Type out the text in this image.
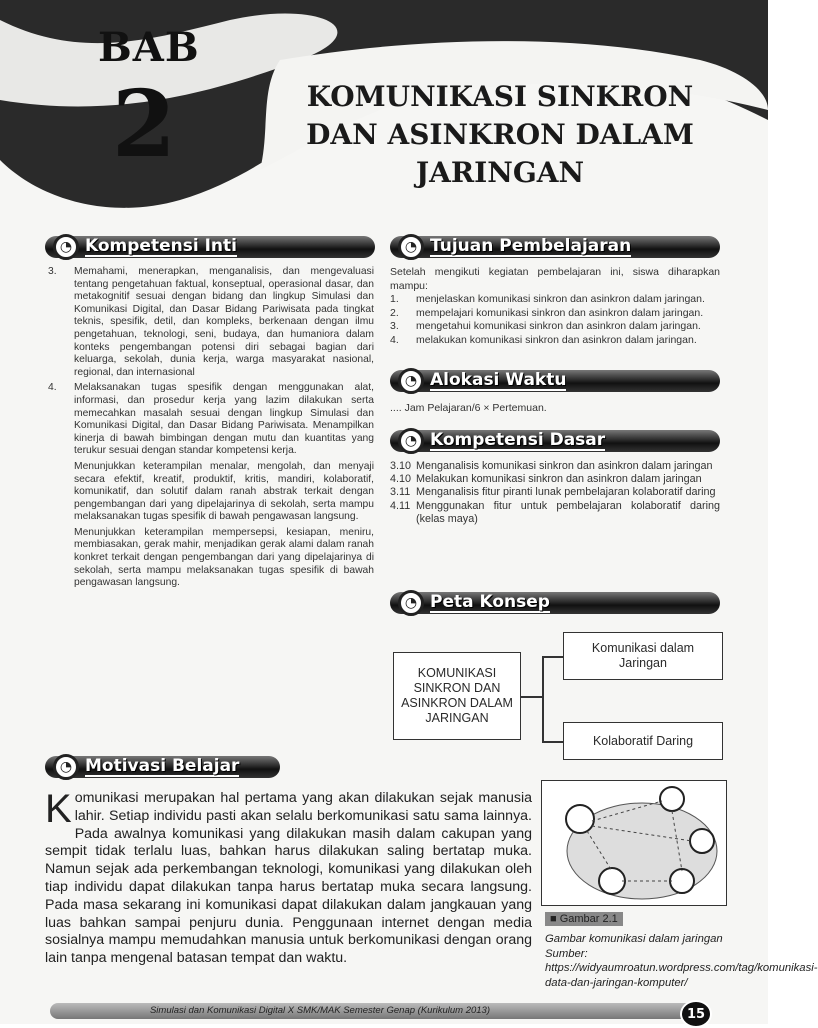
BAB
2	KOMUNIKASI SINKRON
DAN ASINKRON DALAM
JARINGAN
◔ Kompetensi Inti	◔ Tujuan Pembelajaran
◔ Alokasi Waktu
◔ Kompetensi Dasar
◔ Peta Konsep
◔ Motivasi Belajar
3.	Memahami, menerapkan, menganalisis, dan mengevaluasi tentang pengetahuan faktual, konseptual, operasional dasar, dan metakognitif sesuai dengan bidang dan lingkup Simulasi dan Komunikasi Digital, dan Dasar Bidang Pariwisata pada tingkat teknis, spesifik, detil, dan kompleks, berkenaan dengan ilmu pengetahuan, teknologi, seni, budaya, dan humaniora dalam konteks pengembangan potensi diri sebagai bagian dari keluarga, sekolah, dunia kerja, warga masyarakat nasional, regional, dan internasional
4.	Melaksanakan tugas spesifik dengan menggunakan alat, informasi, dan prosedur kerja yang lazim dilakukan serta memecahkan masalah sesuai dengan lingkup Simulasi dan Komunikasi Digital, dan Dasar Bidang Pariwisata. Menampilkan kinerja di bawah bimbingan dengan mutu dan kuantitas yang terukur sesuai dengan standar kompetensi kerja.
Menunjukkan keterampilan menalar, mengolah, dan menyaji secara efektif, kreatif, produktif, kritis, mandiri, kolaboratif, komunikatif, dan solutif dalam ranah abstrak terkait dengan pengembangan dari yang dipelajarinya di sekolah, serta mampu melaksanakan tugas spesifik di bawah pengawasan langsung.
Menunjukkan keterampilan mempersepsi, kesiapan, meniru, membiasakan, gerak mahir, menjadikan gerak alami dalam ranah konkret terkait dengan pengembangan dari yang dipelajarinya di sekolah, serta mampu melaksanakan tugas spesifik di bawah pengawasan langsung.
Setelah mengikuti kegiatan pembelajaran ini, siswa diharapkan mampu:
1.	menjelaskan komunikasi sinkron dan asinkron dalam jaringan.
2.	mempelajari komunikasi sinkron dan asinkron dalam jaringan.
3.	mengetahui komunikasi sinkron dan asinkron dalam jaringan.
4.	melakukan komunikasi sinkron dan asinkron dalam jaringan.
.... Jam Pelajaran/6 × Pertemuan.
3.10 Menganalisis komunikasi sinkron dan asinkron dalam jaringan
4.10 Melakukan komunikasi sinkron dan asinkron dalam jaringan
3.11 Menganalisis fitur piranti lunak pembelajaran kolaboratif daring
4.11 Menggunakan fitur untuk pembelajaran kolaboratif daring (kelas maya)
KOMUNIKASI SINKRON DAN ASINKRON DALAM JARINGAN
Komunikasi dalam Jaringan
Kolaboratif Daring
Komunikasi merupakan hal pertama yang akan dilakukan sejak manusia lahir. Setiap individu pasti akan selalu berkomunikasi satu sama lainnya. Pada awalnya komunikasi yang dilakukan masih dalam cakupan yang sempit tidak terlalu luas, bahkan harus dilakukan saling bertatap muka. Namun sejak ada perkembangan teknologi, komunikasi yang dilakukan oleh tiap individu dapat dilakukan tanpa harus bertatap muka secara langsung. Pada masa sekarang ini komunikasi dapat dilakukan dalam jangkauan yang luas bahkan sampai penjuru dunia. Penggunaan internet dengan media sosialnya mampu memudahkan manusia untuk berkomunikasi dengan orang lain tanpa mengenal batasan tempat dan waktu.
■ Gambar 2.1
Gambar komunikasi dalam jaringan
Sumber: https://widyaumroatun.wordpress.com/tag/komunikasi-data-dan-jaringan-komputer/
Simulasi dan Komunikasi Digital X SMK/MAK Semester Genap (Kurikulum 2013)	15
